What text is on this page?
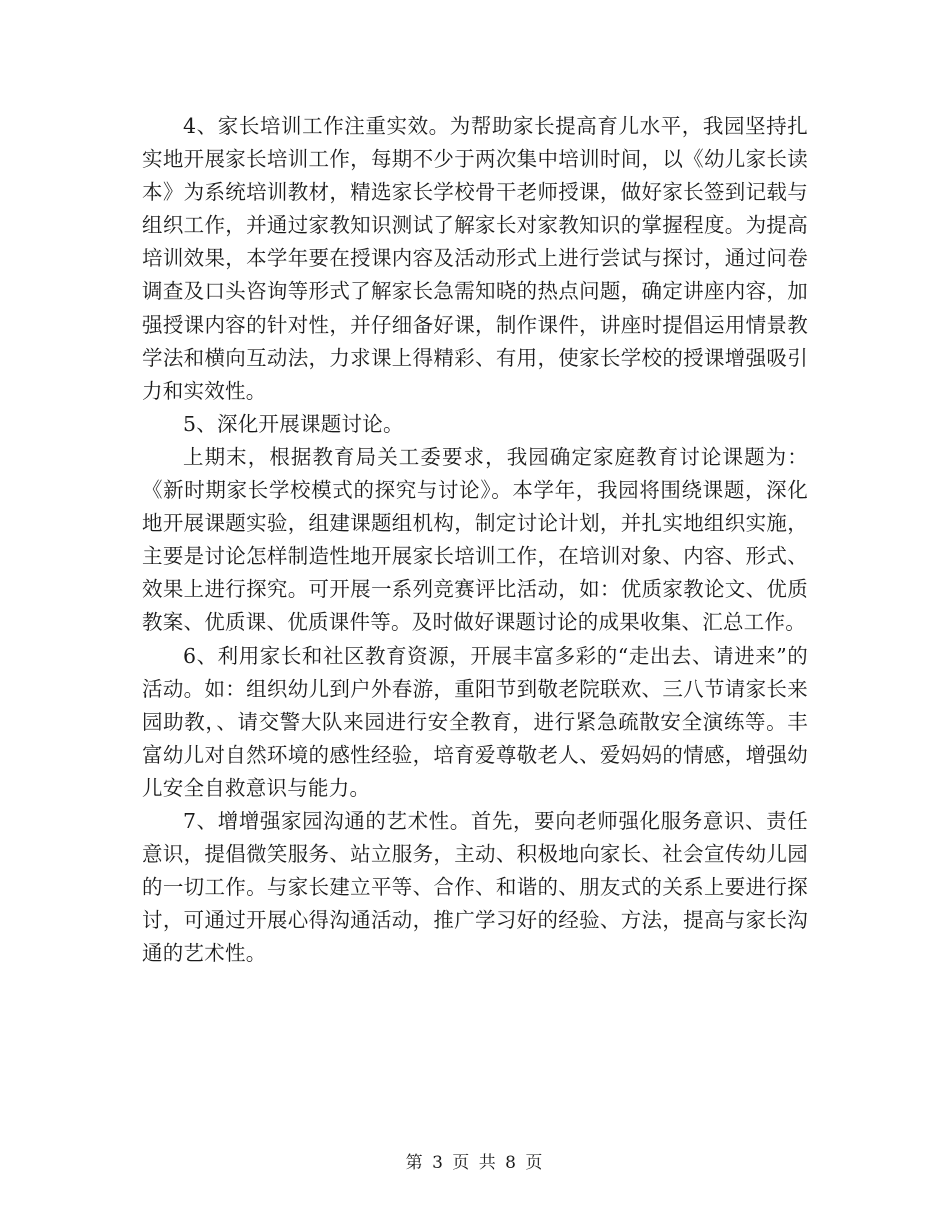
4、家长培训工作注重实效。为帮助家长提高育儿水平，我园坚持扎实地开展家长培训工作，每期不少于两次集中培训时间，以《幼儿家长读本》为系统培训教材，精选家长学校骨干老师授课，做好家长签到记载与组织工作，并通过家教知识测试了解家长对家教知识的掌握程度。为提高培训效果，本学年要在授课内容及活动形式上进行尝试与探讨，通过问卷调查及口头咨询等形式了解家长急需知晓的热点问题，确定讲座内容，加强授课内容的针对性，并仔细备好课，制作课件，讲座时提倡运用情景教学法和横向互动法，力求课上得精彩、有用，使家长学校的授课增强吸引力和实效性。

5、深化开展课题讨论。

上期末，根据教育局关工委要求，我园确定家庭教育讨论课题为：《新时期家长学校模式的探究与讨论》。本学年，我园将围绕课题，深化地开展课题实验，组建课题组机构，制定讨论计划，并扎实地组织实施，主要是讨论怎样制造性地开展家长培训工作，在培训对象、内容、形式、效果上进行探究。可开展一系列竞赛评比活动，如：优质家教论文、优质教案、优质课、优质课件等。及时做好课题讨论的成果收集、汇总工作。

6、利用家长和社区教育资源，开展丰富多彩的“走出去、请进来”的活动。如：组织幼儿到户外春游，重阳节到敬老院联欢、三八节请家长来园助教，、请交警大队来园进行安全教育，进行紧急疏散安全演练等。丰富幼儿对自然环境的感性经验，培育爱尊敬老人、爱妈妈的情感，增强幼儿安全自救意识与能力。

7、增增强家园沟通的艺术性。首先，要向老师强化服务意识、责任意识，提倡微笑服务、站立服务，主动、积极地向家长、社会宣传幼儿园的一切工作。与家长建立平等、合作、和谐的、朋友式的关系上要进行探讨，可通过开展心得沟通活动，推广学习好的经验、方法，提高与家长沟通的艺术性。

第 3 页 共 8 页
